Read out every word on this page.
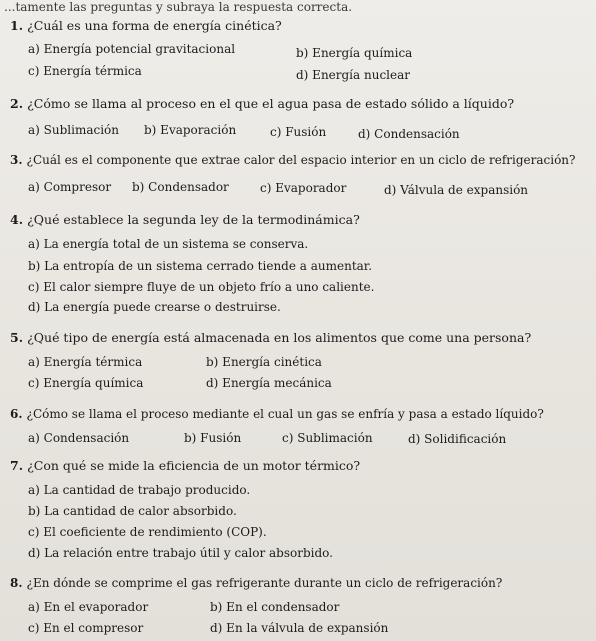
...tamente las preguntas y subraya la respuesta correcta.
1. ¿Cuál es una forma de energía cinética?
a) Energía potencial gravitacional	b) Energía química
c) Energía térmica	d) Energía nuclear
2. ¿Cómo se llama al proceso en el que el agua pasa de estado sólido a líquido?
a) Sublimación b) Evaporación	c) Fusión	d) Condensación
3. ¿Cuál es el componente que extrae calor del espacio interior en un ciclo de refrigeración?
a) Compresor b) Condensador	c) Evaporador	d) Válvula de expansión
4. ¿Qué establece la segunda ley de la termodinámica?
a) La energía total de un sistema se conserva.
b) La entropía de un sistema cerrado tiende a aumentar.
c) El calor siempre fluye de un objeto frío a uno caliente.
d) La energía puede crearse o destruirse.
5. ¿Qué tipo de energía está almacenada en los alimentos que come una persona?
a) Energía térmica	b) Energía cinética
c) Energía química	d) Energía mecánica
6. ¿Cómo se llama el proceso mediante el cual un gas se enfría y pasa a estado líquido?
a) Condensación	b) Fusión	c) Sublimación	d) Solidificación
7. ¿Con qué se mide la eficiencia de un motor térmico?
a) La cantidad de trabajo producido.
b) La cantidad de calor absorbido.
c) El coeficiente de rendimiento (COP).
d) La relación entre trabajo útil y calor absorbido.
8. ¿En dónde se comprime el gas refrigerante durante un ciclo de refrigeración?
a) En el evaporador	b) En el condensador
c) En el compresor	d) En la válvula de expansión
